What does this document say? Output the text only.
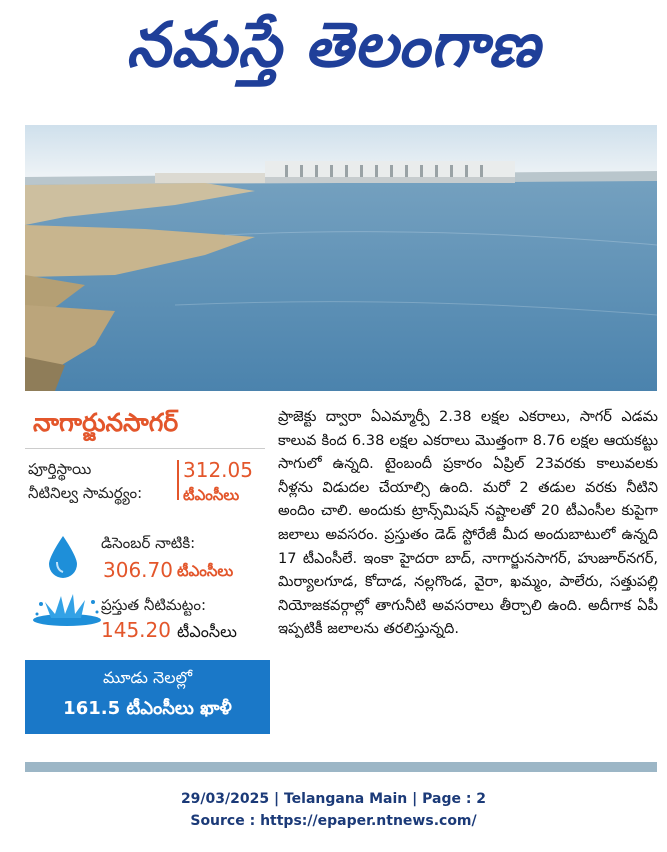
నమస్తే తెలంగాణ
నాగార్జునసాగర్
పూర్తిస్థాయి
నీటినిల్వ సామర్థ్యం:
312.05
టీఎంసీలు
డిసెంబర్ నాటికి:
306.70 టీఎంసీలు
ప్రస్తుత నీటిమట్టం:
145.20 టీఎంసీలు
మూడు నెలల్లో
161.5 టీఎంసీలు ఖాళీ

ప్రాజెక్టు ద్వారా ఏఎమ్మార్పీ 2.38 లక్షల ఎకరాలు, సాగర్ ఎడమ కాలువ కింద 6.38 లక్షల ఎకరాలు మొత్తంగా 8.76 లక్షల ఆయకట్టు సాగులో ఉన్నది. టైంబందీ ప్రకారం ఏప్రిల్ 23వరకు కాలువలకు నీళ్లను విడుదల చేయాల్సి ఉంది. మరో 2 తడుల వరకు నీటిని అందిం చాలి. అందుకు ట్రాన్స్‌మిషన్ నష్టాలతో 20 టీఎంసీల కుపైగా జలాలు అవసరం. ప్రస్తుతం డెడ్ స్టోరేజీ మీద అందుబాటులో ఉన్నది 17 టీఎంసీలే. ఇంకా హైదరా బాద్, నాగార్జునసాగర్, హుజూర్‌నగర్, మిర్యాలగూడ, కోదాడ, నల్లగొండ, వైరా, ఖమ్మం, పాలేరు, సత్తుపల్లి నియోజకవర్గాల్లో తాగునీటి అవసరాలు తీర్చాలి ఉంది. అదీగాక ఏపీ ఇప్పటికీ జలాలను తరలిస్తున్నది.

29/03/2025 | Telangana Main | Page : 2
Source : https://epaper.ntnews.com/
